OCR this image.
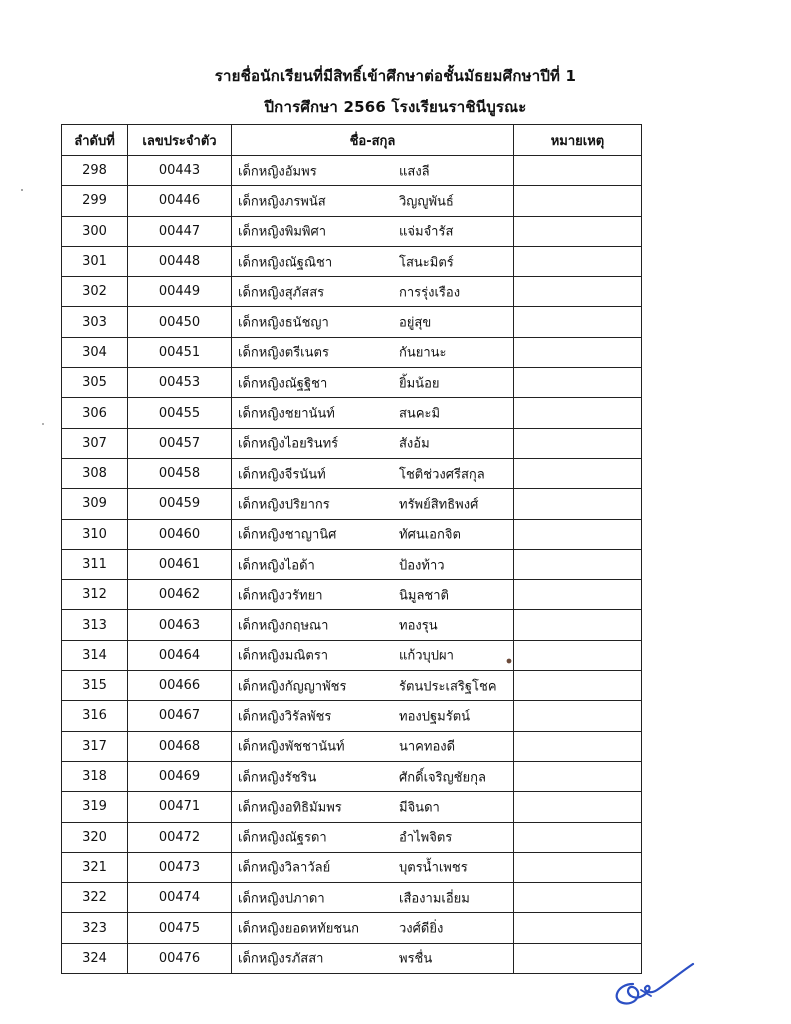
รายชื่อนักเรียนที่มีสิทธิ์เข้าศึกษาต่อชั้นมัธยมศึกษาปีที่ 1
ปีการศึกษา 2566 โรงเรียนราชินีบูรณะ
ลำดับที่	เลขประจำตัว	ชื่อ-สกุล	หมายเหตุ
298	00443	เด็กหญิงอัมพร แสงลี	

299	00446	เด็กหญิงภรพนัส วิญญูพันธ์	

300	00447	เด็กหญิงพิมพิศา แจ่มจำรัส	

301	00448	เด็กหญิงณัฐณิชา โสนะมิตร์	

302	00449	เด็กหญิงสุภัสสร การรุ่งเรือง	

303	00450	เด็กหญิงธนัชญา อยู่สุข	

304	00451	เด็กหญิงตรีเนตร กันยานะ	

305	00453	เด็กหญิงณัฐฐิชา ยิ้มน้อย	

306	00455	เด็กหญิงชยานันท์ สนคะมิ	

307	00457	เด็กหญิงไอยรินทร์ สังอ้ม	

308	00458	เด็กหญิงจีรนันท์ โชติช่วงศรีสกุล	

309	00459	เด็กหญิงปริยากร ทรัพย์สิทธิพงศ์	

310	00460	เด็กหญิงชาญานิศ ทัศนเอกจิต	

311	00461	เด็กหญิงไอด้า ป้องท้าว	

312	00462	เด็กหญิงวรัทยา นิมูลชาติ	

313	00463	เด็กหญิงกฤษณา ทองรุน	

314	00464	เด็กหญิงมณิตรา แก้วบุปผา	

315	00466	เด็กหญิงกัญญาพัชร รัตนประเสริฐโชค	

316	00467	เด็กหญิงวิรัลพัชร ทองปฐมรัตน์	

317	00468	เด็กหญิงพัชชานันท์ นาคทองดี	

318	00469	เด็กหญิงรัชริน ศักดิ์เจริญชัยกุล	

319	00471	เด็กหญิงอทิธิมัมพร มีจินดา	

320	00472	เด็กหญิงณัฐรดา อำไพจิตร	

321	00473	เด็กหญิงวิลาวัลย์ บุตรน้ำเพชร	

322	00474	เด็กหญิงปภาดา เสืองามเอี่ยม	

323	00475	เด็กหญิงยอดหทัยชนก วงศ์ดียิ่ง	

324	00476	เด็กหญิงรภัสสา พรชื่น	
